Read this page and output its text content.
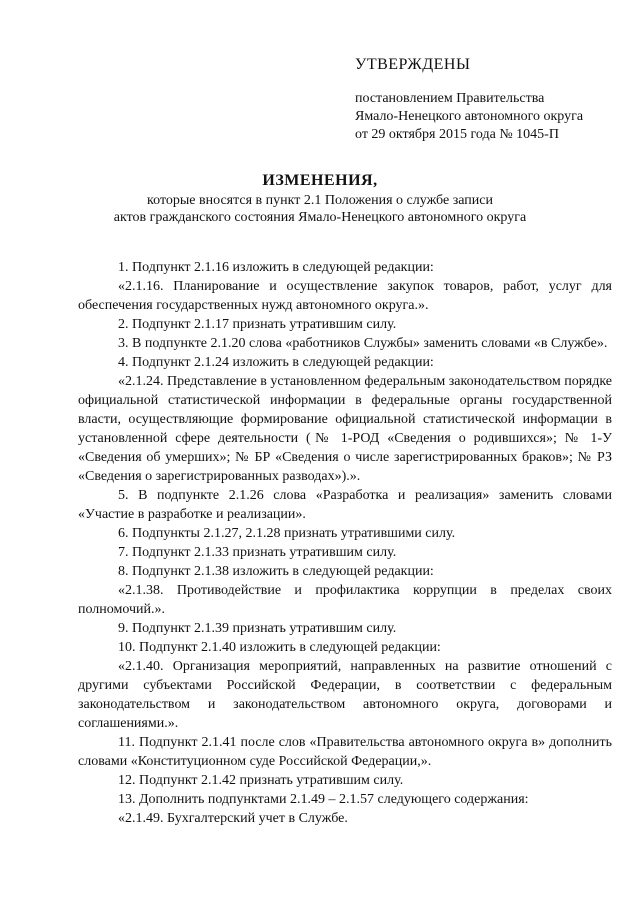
УТВЕРЖДЕНЫ
постановлением Правительства
Ямало-Ненецкого автономного округа
от 29 октября 2015 года № 1045-П
ИЗМЕНЕНИЯ,
которые вносятся в пункт 2.1 Положения о службе записи
актов гражданского состояния Ямало-Ненецкого автономного округа

1. Подпункт 2.1.16 изложить в следующей редакции:

«2.1.16. Планирование и осуществление закупок товаров, работ, услуг для обеспечения государственных нужд автономного округа.».

2. Подпункт 2.1.17 признать утратившим силу.

3. В подпункте 2.1.20 слова «работников Службы» заменить словами «в Службе».

4. Подпункт 2.1.24 изложить в следующей редакции:

«2.1.24. Представление в установленном федеральным законодательством порядке официальной статистической информации в федеральные органы государственной власти, осуществляющие формирование официальной статистической информации в установленной сфере деятельности (№ 1-РОД «Сведения о родившихся»; № 1-У «Сведения об умерших»; № БР «Сведения о числе зарегистрированных браков»; № РЗ «Сведения о зарегистрированных разводах»).».

5. В подпункте 2.1.26 слова «Разработка и реализация» заменить словами «Участие в разработке и реализации».

6. Подпункты 2.1.27, 2.1.28 признать утратившими силу.

7. Подпункт 2.1.33 признать утратившим силу.

8. Подпункт 2.1.38 изложить в следующей редакции:

«2.1.38. Противодействие и профилактика коррупции в пределах своих полномочий.».

9. Подпункт 2.1.39 признать утратившим силу.

10. Подпункт 2.1.40 изложить в следующей редакции:

«2.1.40. Организация мероприятий, направленных на развитие отношений с другими субъектами Российской Федерации, в соответствии с федеральным законодательством и законодательством автономного округа, договорами и соглашениями.».

11. Подпункт 2.1.41 после слов «Правительства автономного округа в» дополнить словами «Конституционном суде Российской Федерации,».

12. Подпункт 2.1.42 признать утратившим силу.

13. Дополнить подпунктами 2.1.49 – 2.1.57 следующего содержания:

«2.1.49. Бухгалтерский учет в Службе.
